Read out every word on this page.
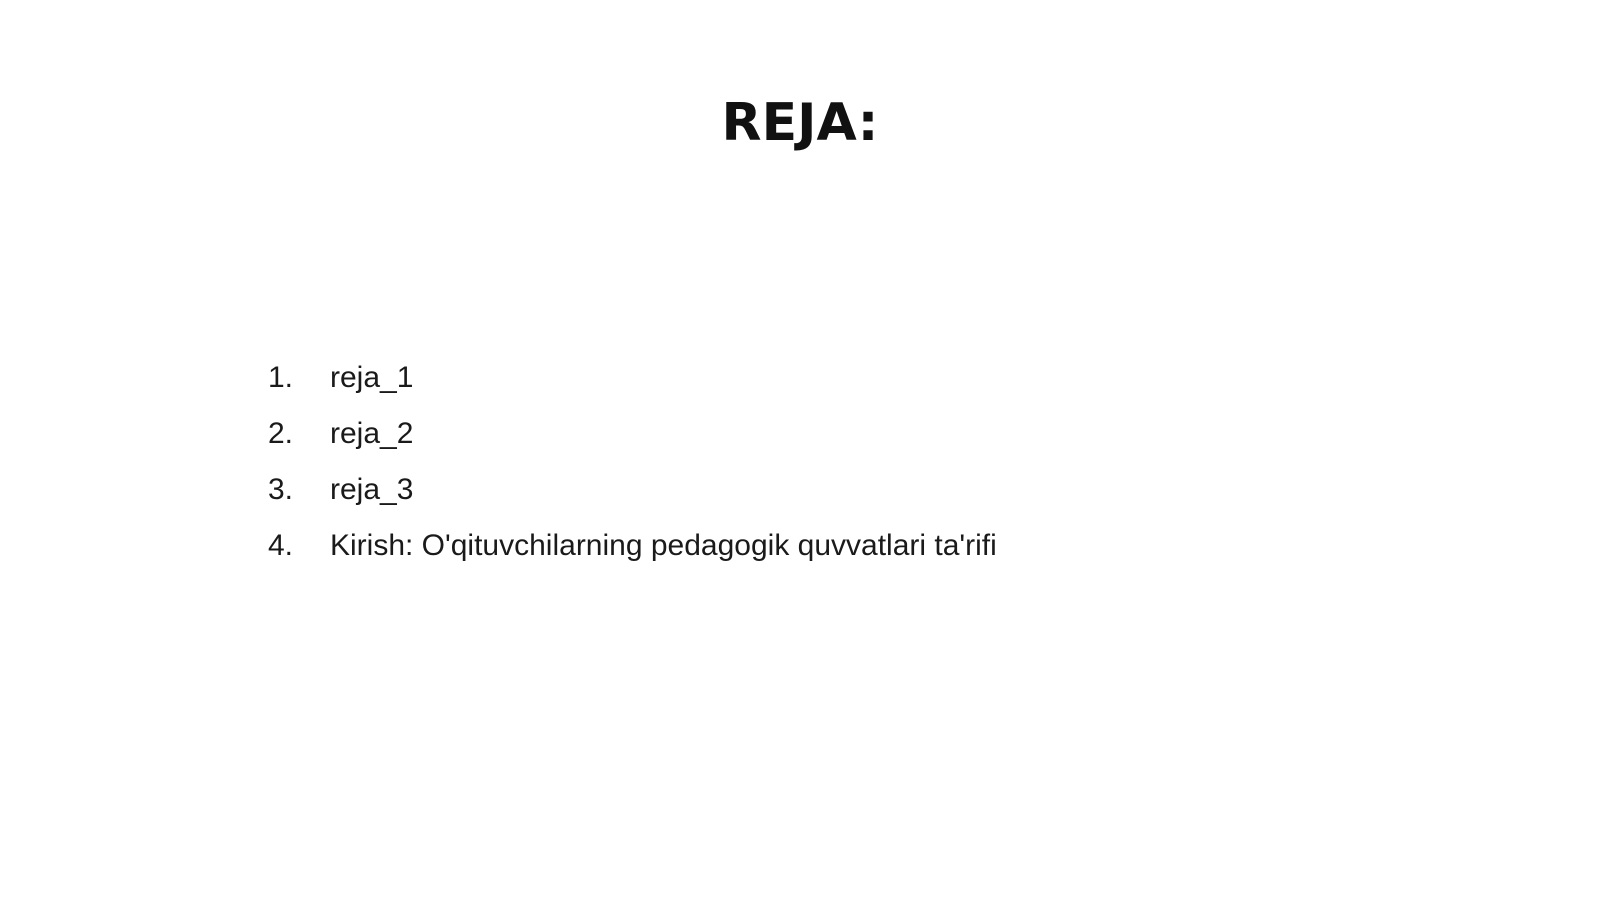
REJA:
1.	reja_1
2.	reja_2
3.	reja_3
4.	Kirish: O'qituvchilarning pedagogik quvvatlari ta'rifi
